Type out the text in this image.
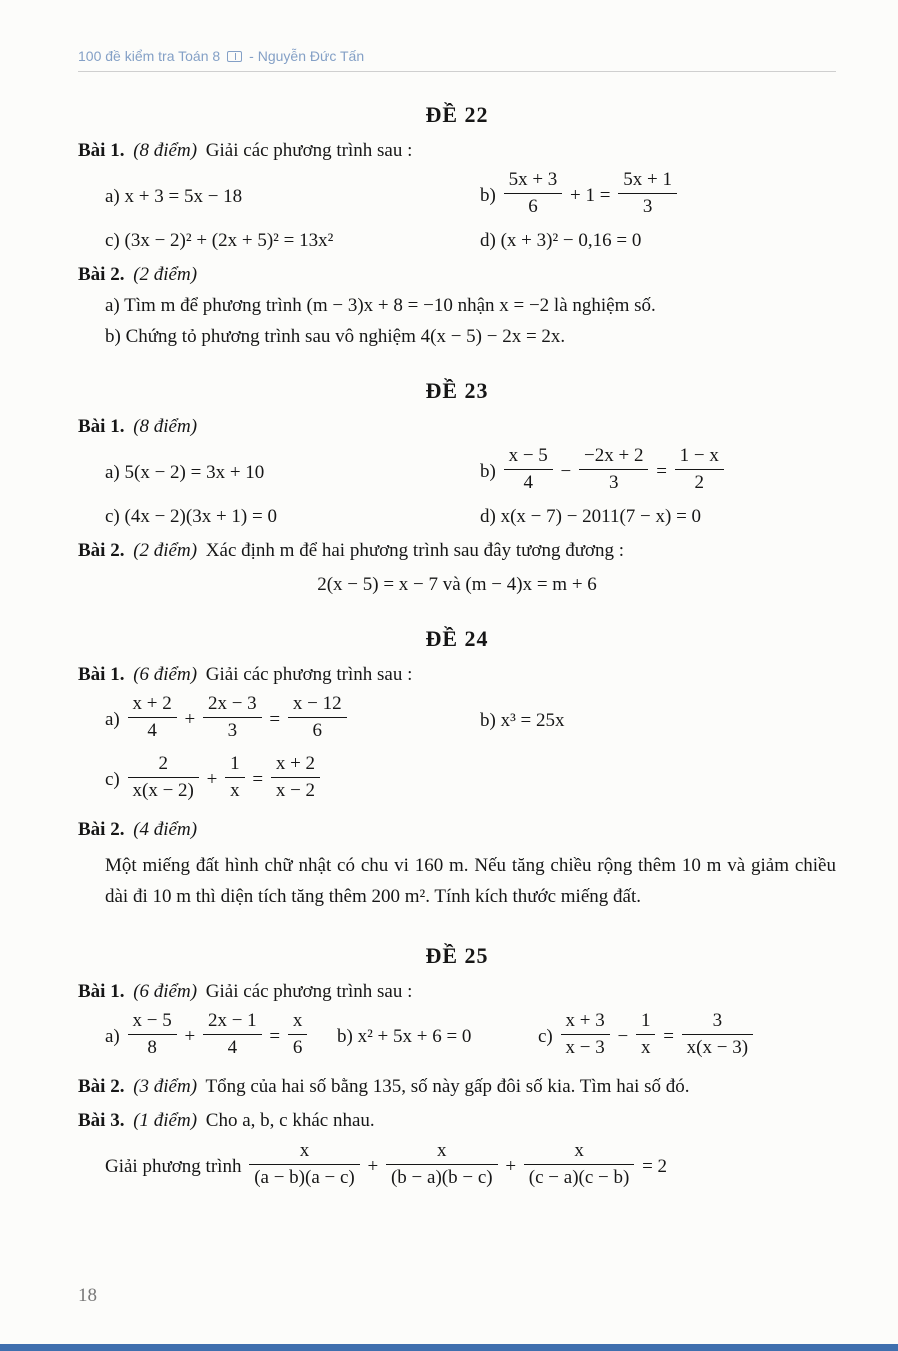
100 đề kiểm tra Toán 8 - Nguyễn Đức Tấn
ĐỀ 22

Bài 1. (8 điểm) Giải các phương trình sau :

a) x + 3 = 5x − 18	$b) \frac{5x + 3}{6} + 1 = \frac{5x + 1}{3}$
c) (3x − 2)² + (2x + 5)² = 13x²	d) (x + 3)² − 0,16 = 0

Bài 2. (2 điểm)

a) Tìm m để phương trình (m − 3)x + 8 = −10 nhận x = −2 là nghiệm số.
b) Chứng tỏ phương trình sau vô nghiệm 4(x − 5) − 2x = 2x.
ĐỀ 23

Bài 1. (8 điểm)

a) 5(x − 2) = 3x + 10	$b) \frac{x - 5}{4} - \frac{-2x + 2}{3} = \frac{1 - x}{2}$
c) (4x − 2)(3x + 1) = 0	d) x(x − 7) − 2011(7 − x) = 0

Bài 2. (2 điểm) Xác định m để hai phương trình sau đây tương đương :

2(x − 5) = x − 7 và (m − 4)x = m + 6
ĐỀ 24

Bài 1. (6 điểm) Giải các phương trình sau :

$a) \frac{x + 2}{4} + \frac{2x - 3}{3} = \frac{x - 12}{6}$	b) x³ = 25x
$c) \frac{2}{x(x - 2)} + \frac{1}{x} = \frac{x + 2}{x - 2}$

Bài 2. (4 điểm)

Một miếng đất hình chữ nhật có chu vi 160 m. Nếu tăng chiều rộng thêm 10 m và giảm chiều dài đi 10 m thì diện tích tăng thêm 200 m². Tính kích thước miếng đất.
ĐỀ 25

Bài 1. (6 điểm) Giải các phương trình sau :

$a) \frac{x - 5}{8} + \frac{2x - 1}{4} = \frac{x}{6} b$) x² + 5x + 6 = 0	$c) \frac{x + 3}{x - 3} - \frac{1}{x} = \frac{3}{x(x - 3)}$

Bài 2. (3 điểm) Tổng của hai số bằng 135, số này gấp đôi số kia. Tìm hai số đó.

Bài 3. (1 điểm) Cho a, b, c khác nhau.

Giải phương trình $\frac{x}{(a - b)(a - c)} + \frac{x}{(b - a)(b - c)} + \frac{x}{(c - a)(c - b)} = 2$
18
